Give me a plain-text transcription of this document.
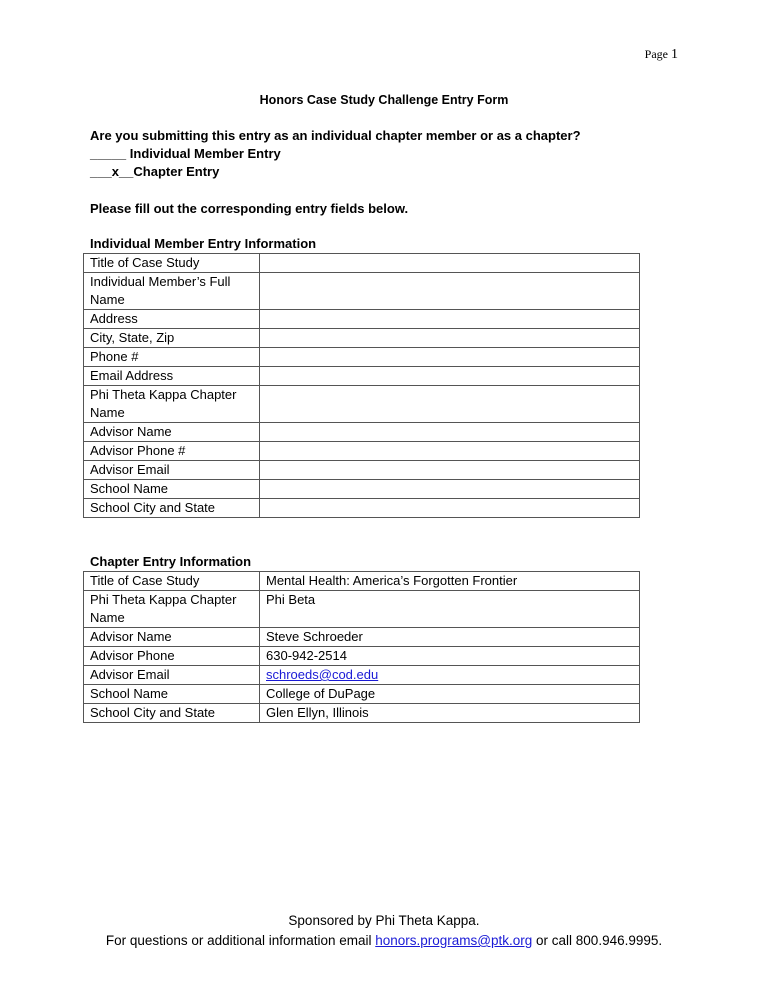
Page 1
Honors Case Study Challenge Entry Form
Are you submitting this entry as an individual chapter member or as a chapter?
_____ Individual Member Entry
___x__Chapter Entry
Please fill out the corresponding entry fields below.
Individual Member Entry Information
Title of Case Study	
Individual Member’s Full Name	
Address	
City, State, Zip	
Phone #	
Email Address	
Phi Theta Kappa Chapter Name	
Advisor Name	
Advisor Phone #	
Advisor Email	
School Name	
School City and State	
Chapter Entry Information
Title of Case Study	Mental Health: America’s Forgotten Frontier
Phi Theta Kappa Chapter Name	Phi Beta
Advisor Name	Steve Schroeder
Advisor Phone	630-942-2514
Advisor Email	schroeds@cod.edu
School Name	College of DuPage
School City and State	Glen Ellyn, Illinois
Sponsored by Phi Theta Kappa.
For questions or additional information email honors.programs@ptk.org or call 800.946.9995.
